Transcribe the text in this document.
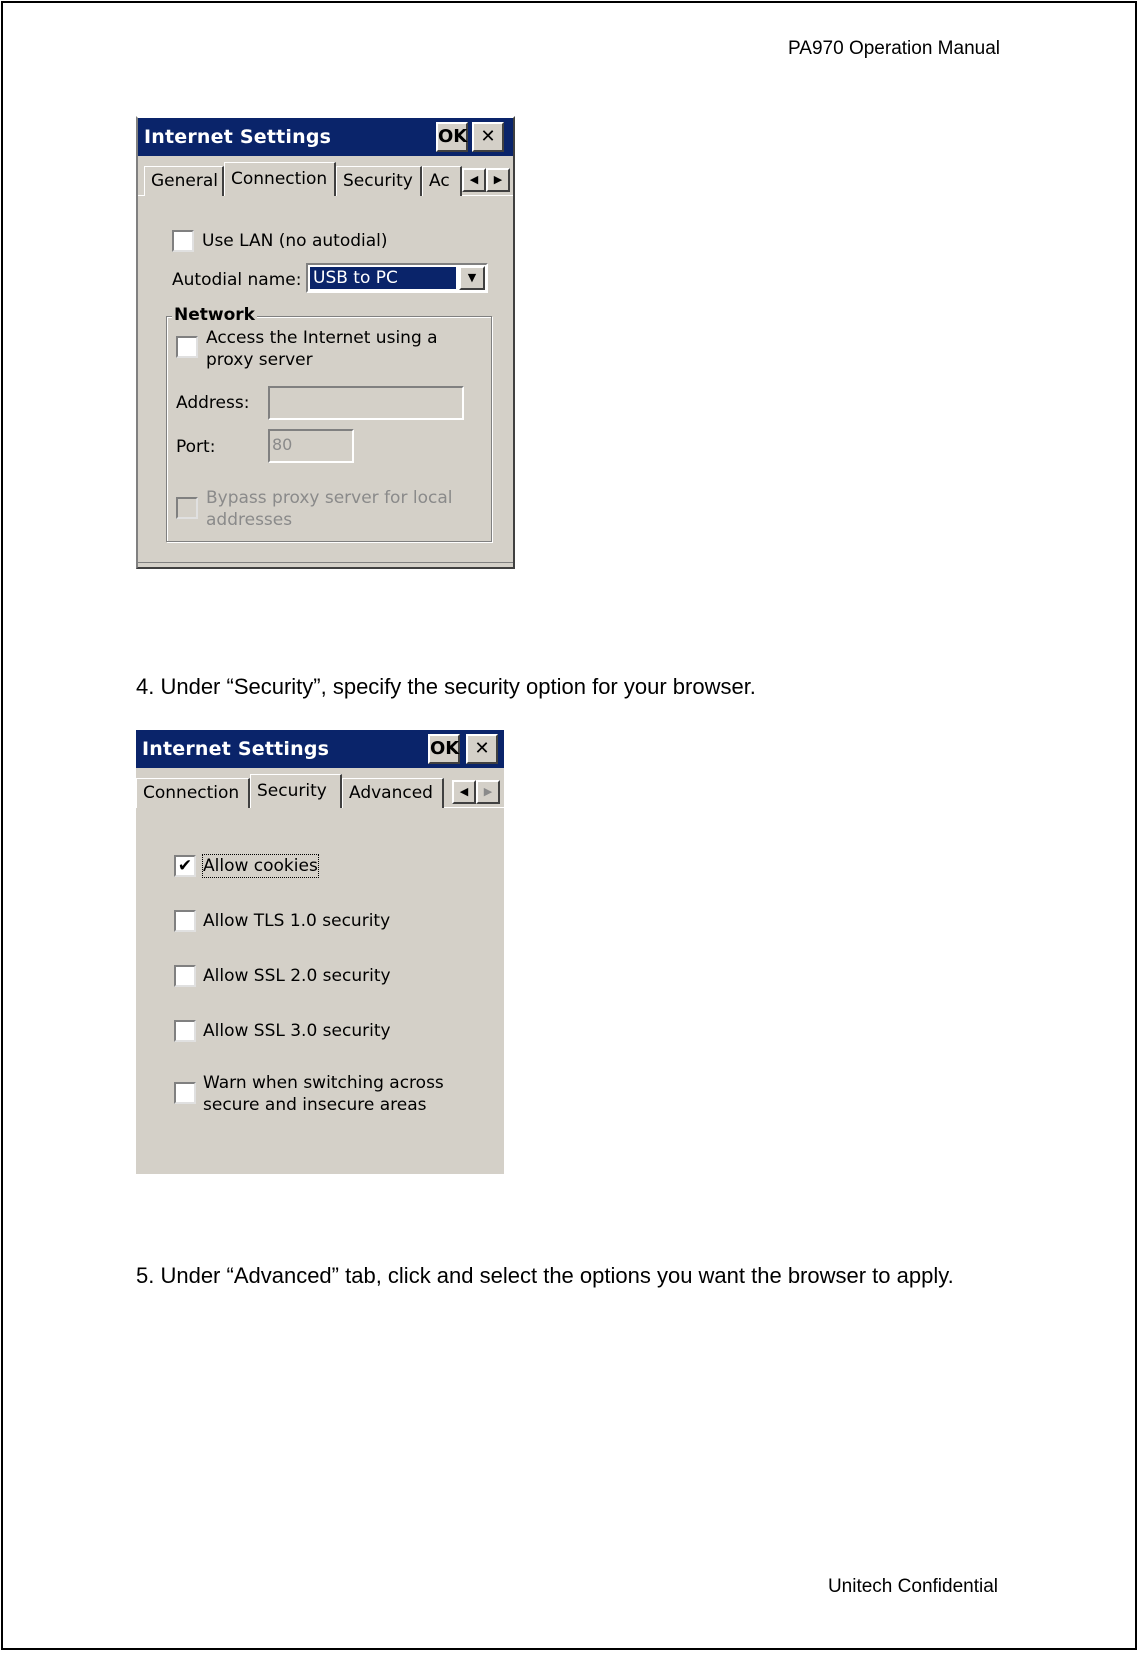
PA970 Operation Manual
Internet Settings	OK ✕
General Connection Security Ac	◀	▶
Use LAN (no autodial)
Autodial name: USB to PC	▼
Network
Access the Internet using a proxy server
Address:
Port:	80
Bypass proxy server for local addresses
4. Under “Security”, specify the security option for your browser.
Internet Settings	OK ✕
Connection	Security	Advanced	◀	▶
✔ Allow cookies
Allow TLS 1.0 security
Allow SSL 2.0 security
Allow SSL 3.0 security
Warn when switching across secure and insecure areas
5. Under “Advanced” tab, click and select the options you want the browser to apply.
Unitech Confidential
